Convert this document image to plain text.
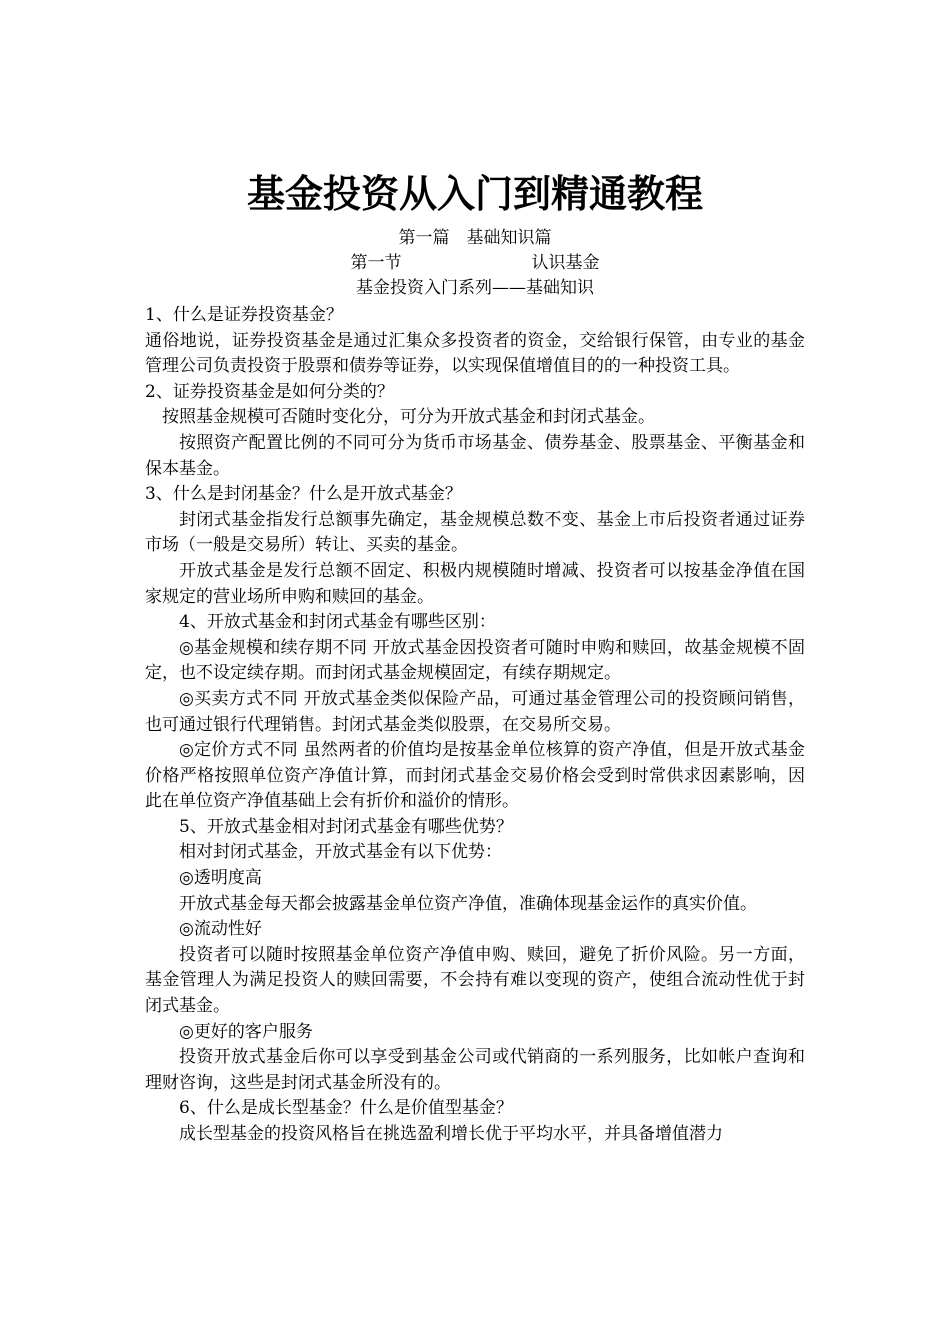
基金投资从入门到精通教程
第一篇　基础知识篇
第一节	认识基金
基金投资入门系列——基础知识

1、什么是证券投资基金？

通俗地说，证券投资基金是通过汇集众多投资者的资金，交给银行保管，由专业的基金管理公司负责投资于股票和债券等证券，以实现保值增值目的的一种投资工具。

2、证券投资基金是如何分类的？

按照基金规模可否随时变化分，可分为开放式基金和封闭式基金。

按照资产配置比例的不同可分为货币市场基金、债券基金、股票基金、平衡基金和保本基金。

3、什么是封闭基金？什么是开放式基金？

封闭式基金指发行总额事先确定，基金规模总数不变、基金上市后投资者通过证券市场（一般是交易所）转让、买卖的基金。

开放式基金是发行总额不固定、积极内规模随时增减、投资者可以按基金净值在国家规定的营业场所申购和赎回的基金。

4、开放式基金和封闭式基金有哪些区别：

◎基金规模和续存期不同 开放式基金因投资者可随时申购和赎回，故基金规模不固定，也不设定续存期。而封闭式基金规模固定，有续存期规定。

◎买卖方式不同 开放式基金类似保险产品，可通过基金管理公司的投资顾问销售，也可通过银行代理销售。封闭式基金类似股票，在交易所交易。

◎定价方式不同 虽然两者的价值均是按基金单位核算的资产净值，但是开放式基金价格严格按照单位资产净值计算，而封闭式基金交易价格会受到时常供求因素影响，因此在单位资产净值基础上会有折价和溢价的情形。

5、开放式基金相对封闭式基金有哪些优势？

相对封闭式基金，开放式基金有以下优势：

◎透明度高

开放式基金每天都会披露基金单位资产净值，准确体现基金运作的真实价值。

◎流动性好

投资者可以随时按照基金单位资产净值申购、赎回，避免了折价风险。另一方面，基金管理人为满足投资人的赎回需要，不会持有难以变现的资产，使组合流动性优于封闭式基金。

◎更好的客户服务

投资开放式基金后你可以享受到基金公司或代销商的一系列服务，比如帐户查询和理财咨询，这些是封闭式基金所没有的。

6、什么是成长型基金？什么是价值型基金？

成长型基金的投资风格旨在挑选盈利增长优于平均水平，并具备增值潜力
